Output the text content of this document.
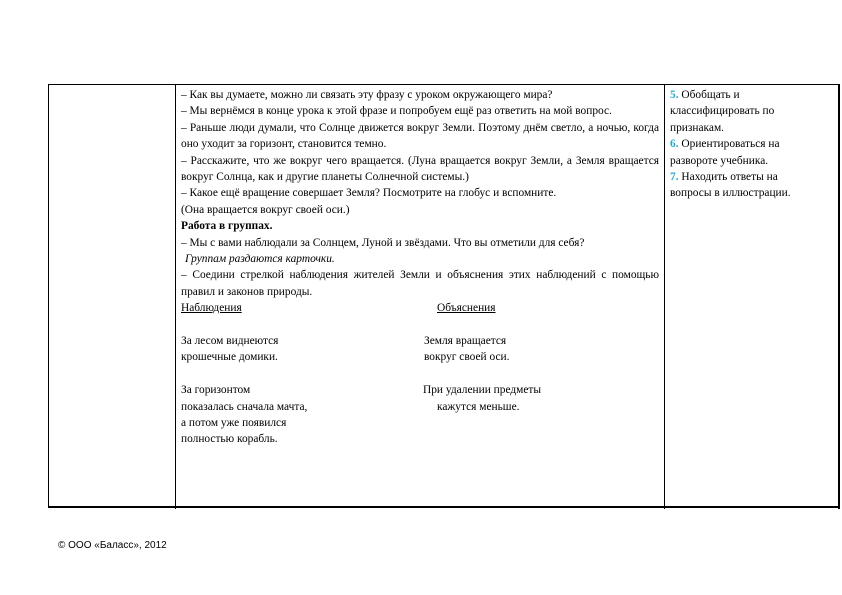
– Как вы думаете, можно ли связать эту фразу с уроком окружающего мира?

– Мы вернёмся в конце урока к этой фразе и попробуем ещё раз ответить на мой вопрос.

– Раньше люди думали, что Солнце движется вокруг Земли. Поэтому днём светло, а ночью, когда оно уходит за горизонт, становится темно.

– Расскажите, что же вокруг чего вращается. (Луна вращается вокруг Земли, а Земля вращается вокруг Солнца, как и другие планеты Солнечной системы.)

– Какое ещё вращение совершает Земля? Посмотрите на глобус и вспомните.

(Она вращается вокруг своей оси.)

Работа в группах.

– Мы с вами наблюдали за Солнцем, Луной и звёздами. Что вы отметили для себя?

Группам раздаются карточки.

– Соедини стрелкой наблюдения жителей Земли и объяснения этих наблюдений с помощью правил и законов природы.

Наблюдения	Объяснения
За лесом виднеются	Земля вращается
крошечные домики.	вокруг своей оси.
За горизонтом	При удалении предметы
показалась сначала мачта,	кажутся меньше.
а потом уже появился
полностью корабль.
5. Обобщать и
классифицировать по
признакам.
6. Ориентироваться на
развороте учебника.
7. Находить ответы на
вопросы в иллюстрации.
© ООО «Баласс», 2012
